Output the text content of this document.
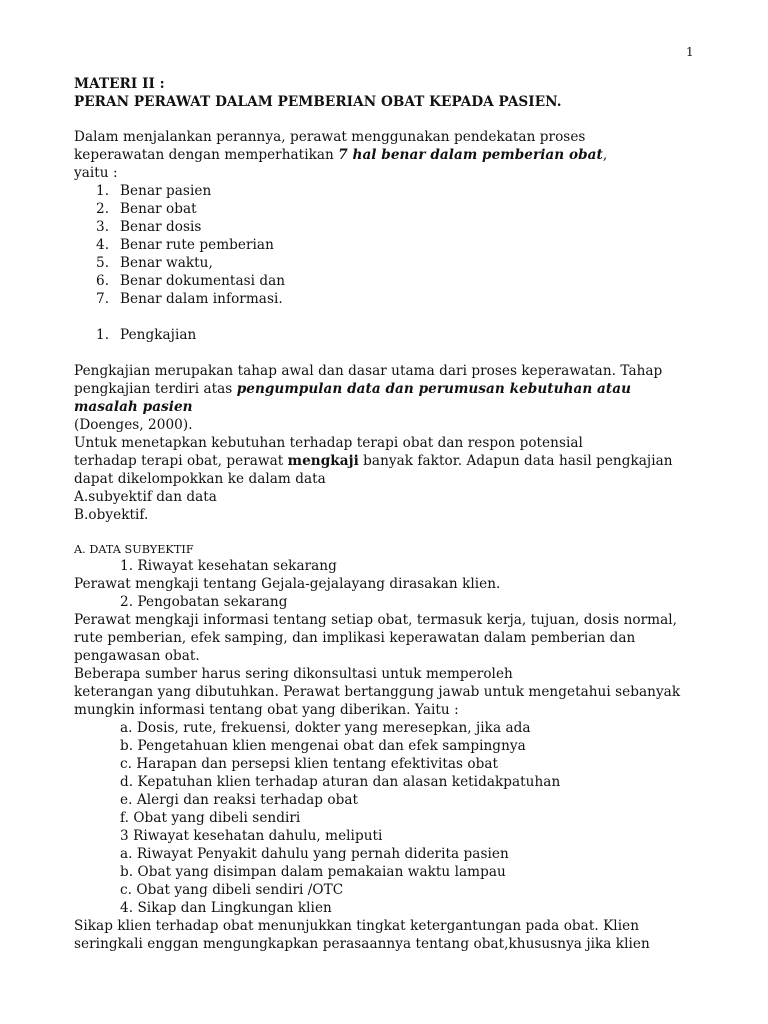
1
MATERI II :
PERAN PERAWAT DALAM PEMBERIAN OBAT KEPADA PASIEN.
Dalam menjalankan perannya, perawat menggunakan pendekatan proses
keperawatan dengan memperhatikan 7 hal benar dalam pemberian obat,
yaitu :
1. Benar pasien
2. Benar obat
3. Benar dosis
4. Benar rute pemberian
5. Benar waktu,
6. Benar dokumentasi dan
7. Benar dalam informasi.
1. Pengkajian
Pengkajian merupakan tahap awal dan dasar utama dari proses keperawatan. Tahap
pengkajian terdiri atas pengumpulan data dan perumusan kebutuhan atau
masalah pasien
(Doenges, 2000).
Untuk menetapkan kebutuhan terhadap terapi obat dan respon potensial
terhadap terapi obat, perawat mengkaji banyak faktor. Adapun data hasil pengkajian
dapat dikelompokkan ke dalam data
A.subyektif dan data
B.obyektif.
A. DATA SUBYEKTIF
1. Riwayat kesehatan sekarang
Perawat mengkaji tentang Gejala-gejalayang dirasakan klien.
2. Pengobatan sekarang
Perawat mengkaji informasi tentang setiap obat, termasuk kerja, tujuan, dosis normal,
rute pemberian, efek samping, dan implikasi keperawatan dalam pemberian dan
pengawasan obat.
Beberapa sumber harus sering dikonsultasi untuk memperoleh
keterangan yang dibutuhkan. Perawat bertanggung jawab untuk mengetahui sebanyak
mungkin informasi tentang obat yang diberikan. Yaitu :
a. Dosis, rute, frekuensi, dokter yang meresepkan, jika ada
b. Pengetahuan klien mengenai obat dan efek sampingnya
c. Harapan dan persepsi klien tentang efektivitas obat
d. Kepatuhan klien terhadap aturan dan alasan ketidakpatuhan
e. Alergi dan reaksi terhadap obat
f. Obat yang dibeli sendiri
3 Riwayat kesehatan dahulu, meliputi
a. Riwayat Penyakit dahulu yang pernah diderita pasien
b. Obat yang disimpan dalam pemakaian waktu lampau
c. Obat yang dibeli sendiri /OTC
4. Sikap dan Lingkungan klien
Sikap klien terhadap obat menunjukkan tingkat ketergantungan pada obat. Klien
seringkali enggan mengungkapkan perasaannya tentang obat,khususnya jika klien
